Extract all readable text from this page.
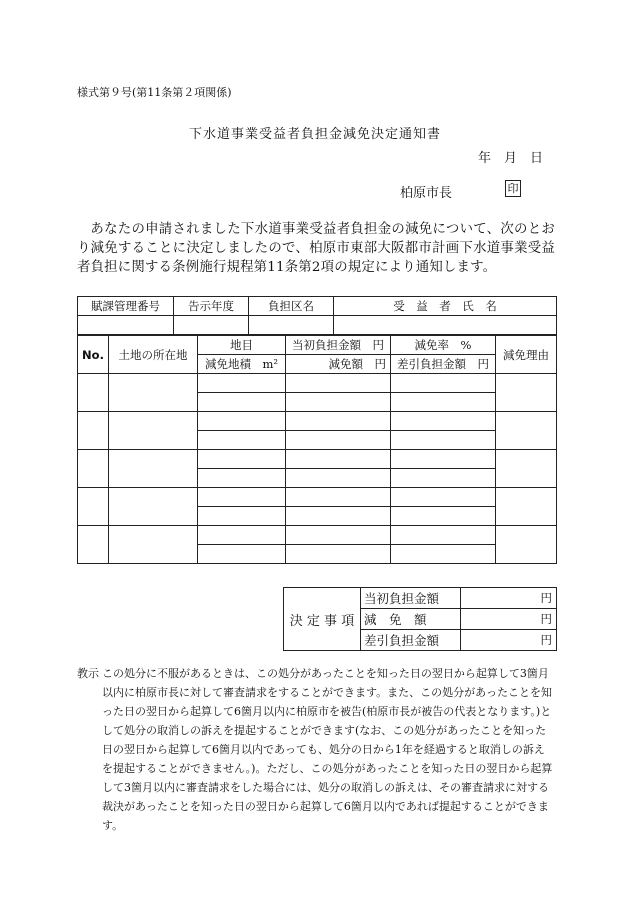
様式第９号(第11条第２項関係)
下水道事業受益者負担金減免決定通知書
年　月　日
柏原市長	印
あなたの申請されました下水道事業受益者負担金の減免について、次のとおり減免することに決定しましたので、柏原市東部大阪都市計画下水道事業受益者負担に関する条例施行規程第11条第2項の規定により通知します。
賦課管理番号	告示年度	負担区名	受　益　者　氏　名

No.	土地の所在地	地目	当初負担金額　円	減免率　%	減免理由
		減免地積　m²	減免額　円	差引負担金額　円	

決 定 事 項	当初負担金額	円
	減　免　額	円
	差引負担金額	円
教示 この処分に不服があるときは、この処分があったことを知った日の翌日から起算して3箇月以内に柏原市長に対して審査請求をすることができます。また、この処分があったことを知った日の翌日から起算して6箇月以内に柏原市を被告(柏原市長が被告の代表となります。)として処分の取消しの訴えを提起することができます(なお、この処分があったことを知った日の翌日から起算して6箇月以内であっても、処分の日から1年を経過すると取消しの訴えを提起することができません。)。ただし、この処分があったことを知った日の翌日から起算して3箇月以内に審査請求をした場合には、処分の取消しの訴えは、その審査請求に対する裁決があったことを知った日の翌日から起算して6箇月以内であれば提起することができます。
